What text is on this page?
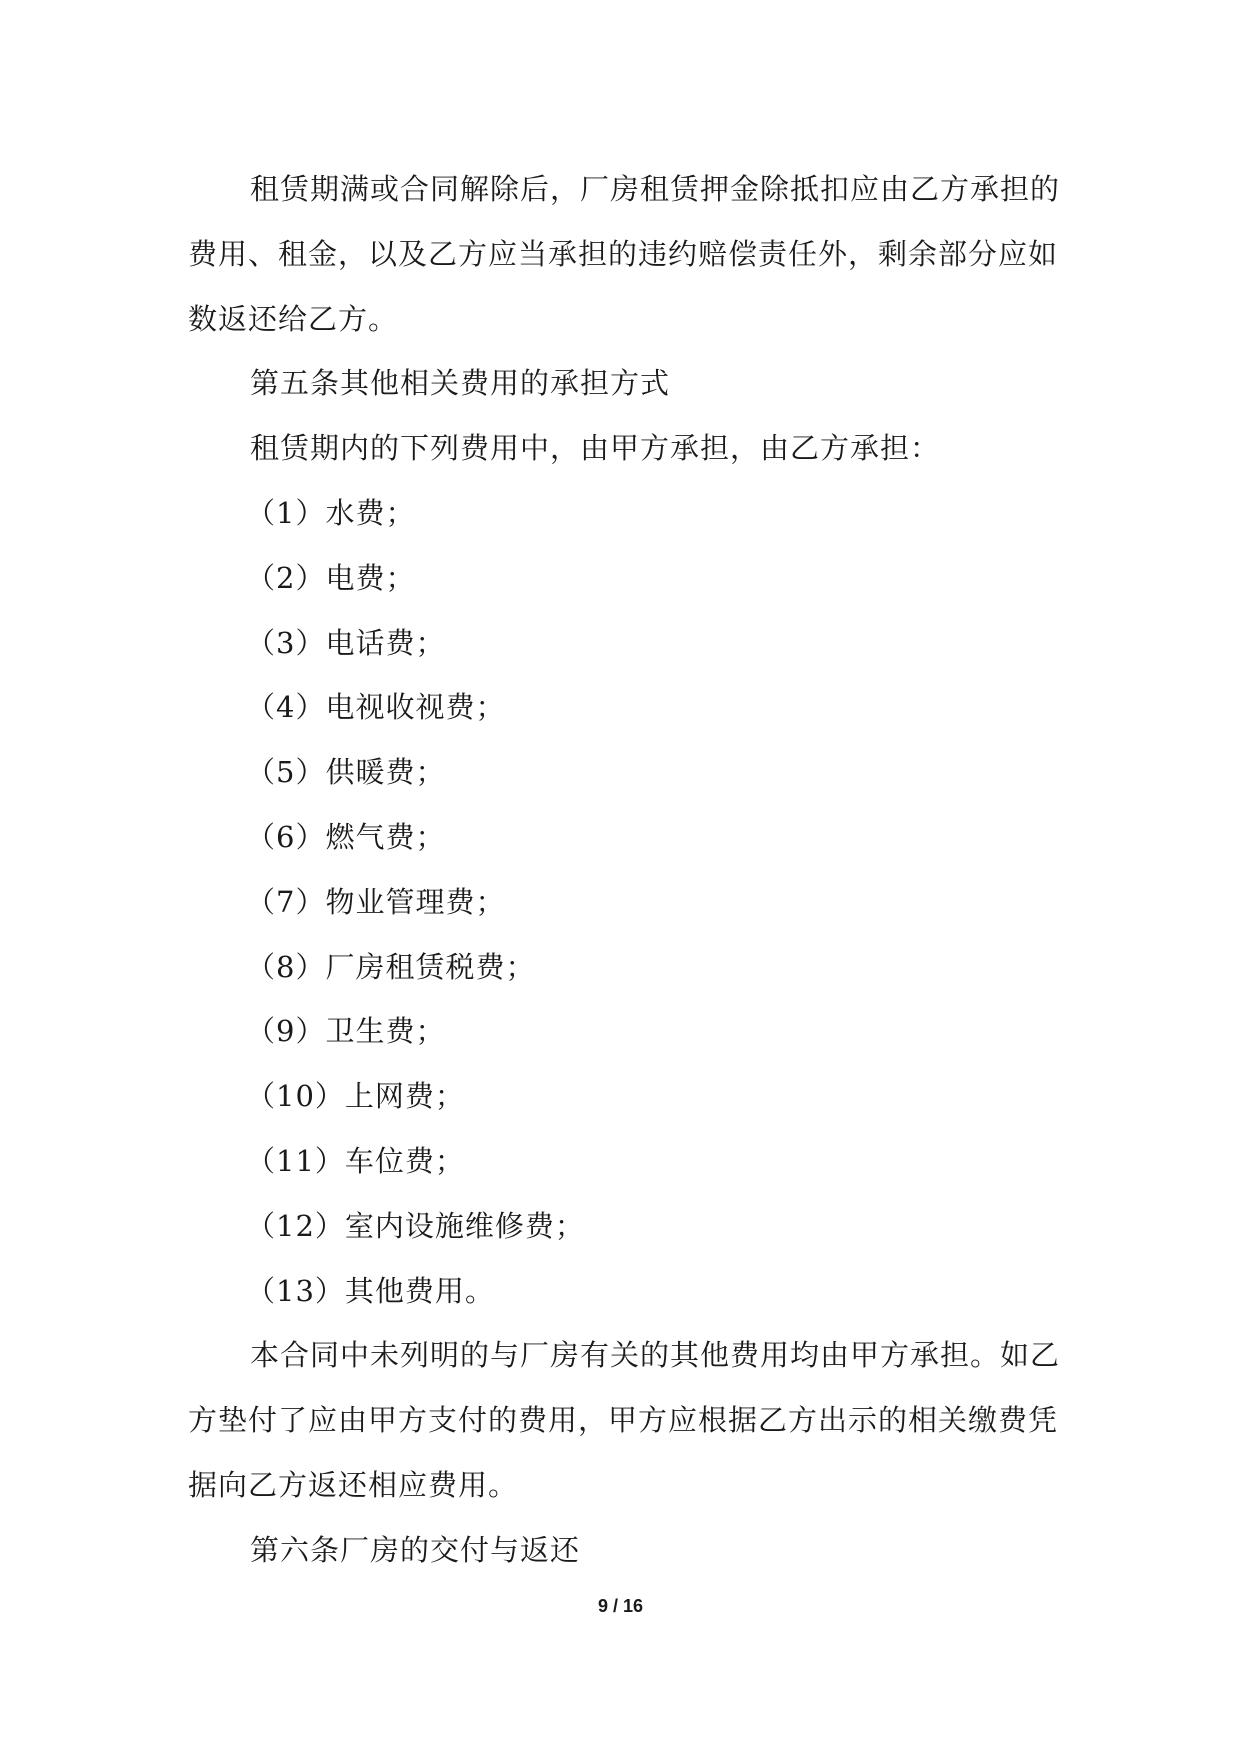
租赁期满或合同解除后，厂房租赁押金除抵扣应由乙方承担的费用、租金，以及乙方应当承担的违约赔偿责任外，剩余部分应如数返还给乙方。

第五条其他相关费用的承担方式

租赁期内的下列费用中，由甲方承担，由乙方承担：

（1）水费；
（2）电费；
（3）电话费；
（4）电视收视费；
（5）供暖费；
（6）燃气费；
（7）物业管理费；
（8）厂房租赁税费；
（9）卫生费；
（10）上网费；
（11）车位费；
（12）室内设施维修费；
（13）其他费用。

本合同中未列明的与厂房有关的其他费用均由甲方承担。如乙方垫付了应由甲方支付的费用，甲方应根据乙方出示的相关缴费凭据向乙方返还相应费用。

第六条厂房的交付与返还

9 / 16
